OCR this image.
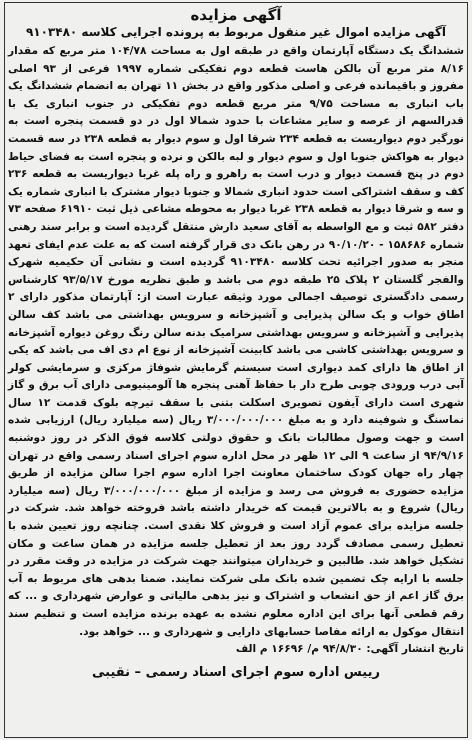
آگهی مزایده
آگهی مزایده اموال غیر منقول مربوط به پرونده اجرایی کلاسه ۹۱۰۳۴۸۰

ششدانگ یک دستگاه آپارتمان واقع در طبقه اول به مساحت ۱۰۴/۷۸ متر مربع که مقدار ۸/۱۶ متر مربع آن بالکن هاست قطعه دوم تفکیکی شماره ۱۹۹۷ فرعی از ۹۳ اصلی مفروز و باقیمانده فرعی و اصلی مذکور واقع در بخش ۱۱ تهران به انضمام ششدانگ یک باب انباری به مساحت ۹/۷۵ متر مربع قطعه دوم تفکیکی در جنوب انباری یک با قدرالسهم از عرصه و سایر مشاعات با حدود شمالا اول در دو قسمت پنجره است به نورگیر دوم دیواریست به قطعه ۲۳۴ شرقا اول و سوم دیوار به قطعه ۲۳۸ در سه قسمت دیوار به هواکش جنوبا اول و سوم دیوار و لبه بالکن و نرده و پنجره است به فضای حیاط دوم در پنج قسمت دیوار و درب است به راهرو و راه پله غربا دیواریست به قطعه ۲۳۶ کف و سقف اشتراکی است حدود انباری شمالا و جنوبا دیوار مشترک با انباری شماره یک و سه و شرقا دیوار به قطعه ۲۳۸ غربا دیوار به محوطه مشاعی ذیل ثبت ۶۱۹۱۰ صفحه ۷۳ دفتر ۵۸۲ ثبت و مع الواسطه به آقای سعید دارش منتقل گردیده است و برابر سند رهنی شماره ۱۵۸۶۸۶ - ۹۰/۱۰/۲۰ در رهن بانک دی قرار گرفته است که به علت عدم ایفای تعهد منجر به صدور اجرائیه تحت کلاسه ۹۱۰۳۴۸۰ گردیده است و نشانی آن حکیمیه شهرک والفجر گلستان ۲ پلاک ۲۵ طبقه دوم می باشد و طبق نظریه مورخ ۹۳/۵/۱۷ کارشناس رسمی دادگستری توصیف اجمالی مورد وثیقه عبارت است از: آپارتمان مذکور دارای ۲ اطاق خواب و یک سالن پذیرایی و آشپزخانه و سرویس بهداشتی می باشد کف سالن پذیرایی و آشپزخانه و سرویس بهداشتی سرامیک بدنه سالن رنگ روغن دیواره آشپزخانه و سرویس بهداشتی کاشی می باشد کابینت آشپزخانه از نوع ام دی اف می باشد که یکی از اطاق ها دارای کمد دیواری است سیستم گرمایش شوفاژ مرکزی و سرمایشی کولر آبی درب ورودی چوبی طرح دار با حفاظ آهنی پنجره ها آلومینیومی دارای آب برق و گاز شهری است دارای آیفون تصویری اسکلت بتنی با سقف تیرچه بلوک قدمت ۱۲ سال نماسنگ و شوفینه دارد و به مبلغ ۳/۰۰۰/۰۰۰/۰۰۰ ریال (سه میلیارد ریال) ارزیابی شده است و جهت وصول مطالبات بانک و حقوق دولتی کلاسه فوق الذکر در روز دوشنبه ۹۴/۹/۱۶ از ساعت ۹ الی ۱۲ ظهر در محل اداره سوم اجرای اسناد رسمی واقع در تهران چهار راه جهان کودک ساختمان معاونت اجرا اداره سوم اجرا سالن مزایده از طریق مزایده حضوری به فروش می رسد و مزایده از مبلغ ۳/۰۰۰/۰۰۰/۰۰۰ ریال (سه میلیارد ریال) شروع و به بالاترین قیمت که خریدار داشته باشد فروخته خواهد شد. شرکت در جلسه مزایده برای عموم آزاد است و فروش کلا نقدی است. چنانچه روز تعیین شده با تعطیل رسمی مصادف گردد روز بعد از تعطیل جلسه مزایده در همان ساعت و مکان تشکیل خواهد شد. طالبین و خریداران میتوانند جهت شرکت در مزایده در وقت مقرر در جلسه با ارایه چک تضمین شده بانک ملی شرکت نمایند. ضمنا بدهی های مربوط به آب برق گاز اعم از حق انشعاب و اشتراک و نیز بدهی مالیاتی و عوارض شهرداری و ... که رقم قطعی آنها برای این اداره معلوم نشده به عهده برنده مزایده است و تنظیم سند انتقال موکول به ارائه مفاصا حسابهای دارایی و شهرداری و ... خواهد بود.

تاریخ انتشار آگهی: ۹۴/۸/۳۰ م/ ۱۶۶۹۶ م الف

رییس اداره سوم اجرای اسناد رسمی – نقیبی
